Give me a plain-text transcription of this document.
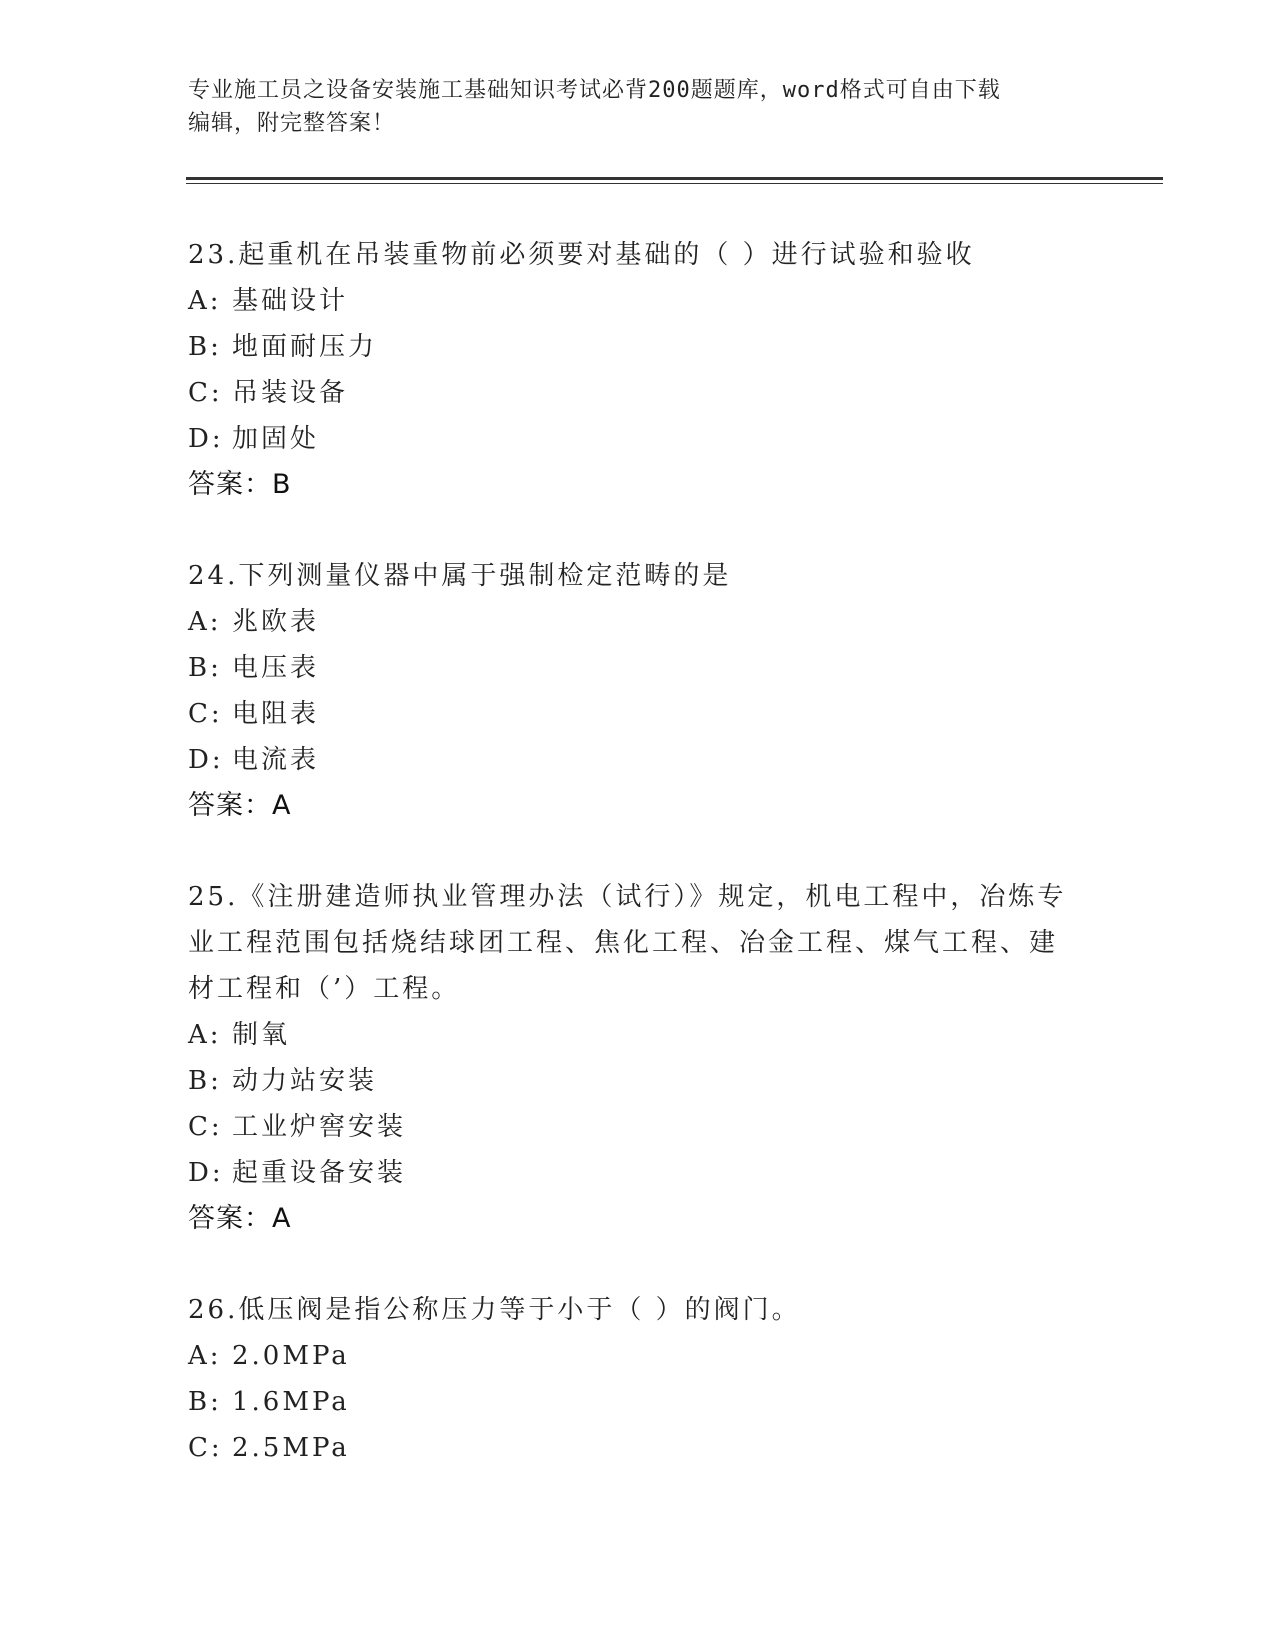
专业施工员之设备安装施工基础知识考试必背200题题库，word格式可自由下载
编辑，附完整答案！
23.起重机在吊装重物前必须要对基础的（ ）进行试验和验收
A: 基础设计
B: 地面耐压力
C: 吊装设备
D: 加固处
答案：B
24.下列测量仪器中属于强制检定范畴的是
A: 兆欧表
B: 电压表
C: 电阻表
D: 电流表
答案：A
25.《注册建造师执业管理办法（试行）》规定，机电工程中，冶炼专
业工程范围包括烧结球团工程、焦化工程、冶金工程、煤气工程、建
材工程和（’）工程。
A: 制氧
B: 动力站安装
C: 工业炉窖安装
D: 起重设备安装
答案：A
26.低压阀是指公称压力等于小于（ ）的阀门。
A: 2.0MPa
B: 1.6MPa
C: 2.5MPa
